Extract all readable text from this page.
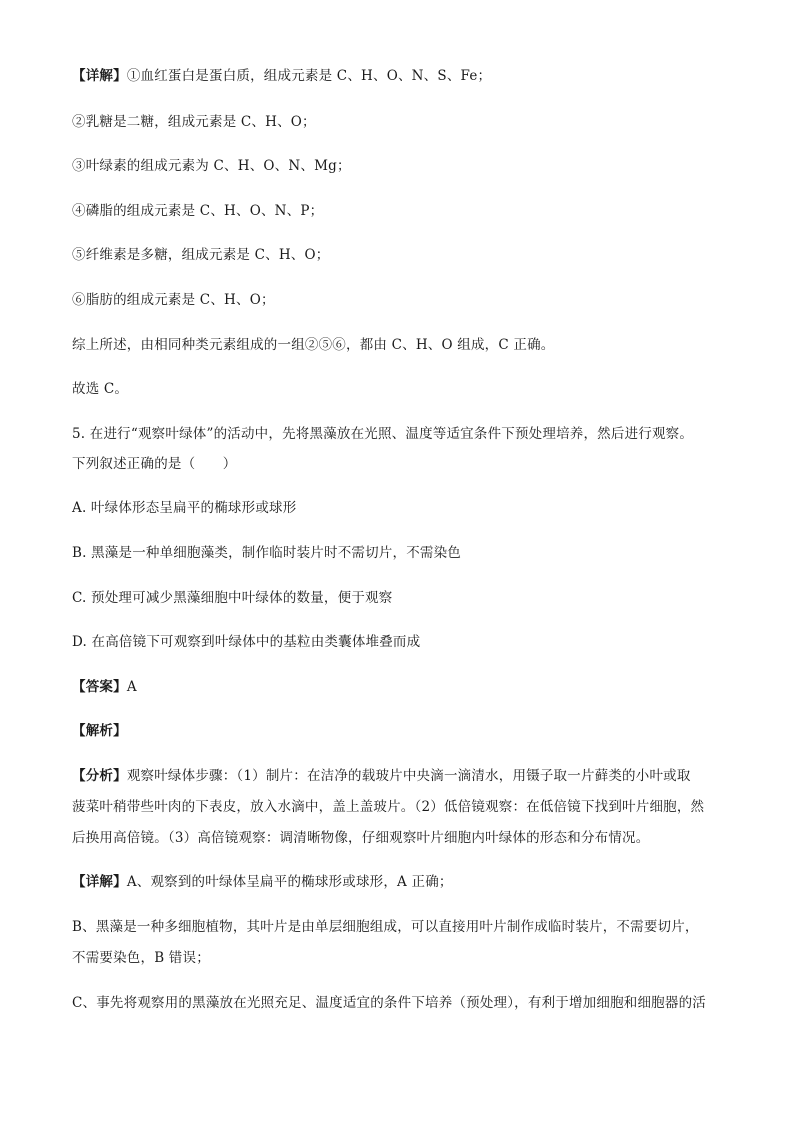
【详解】①血红蛋白是蛋白质，组成元素是 C、H、O、N、S、Fe；
②乳糖是二糖，组成元素是 C、H、O；
③叶绿素的组成元素为 C、H、O、N、Mg；
④磷脂的组成元素是 C、H、O、N、P；
⑤纤维素是多糖，组成元素是 C、H、O；
⑥脂肪的组成元素是 C、H、O；
综上所述，由相同种类元素组成的一组②⑤⑥，都由 C、H、O 组成，C 正确。
故选 C。
5. 在进行“观察叶绿体”的活动中，先将黑藻放在光照、温度等适宜条件下预处理培养，然后进行观察。
下列叙述正确的是（　　）
A. 叶绿体形态呈扁平的椭球形或球形
B. 黑藻是一种单细胞藻类，制作临时装片时不需切片，不需染色
C. 预处理可减少黑藻细胞中叶绿体的数量，便于观察
D. 在高倍镜下可观察到叶绿体中的基粒由类囊体堆叠而成
【答案】A
【解析】
【分析】观察叶绿体步骤：（1）制片：在洁净的载玻片中央滴一滴清水，用镊子取一片藓类的小叶或取
菠菜叶稍带些叶肉的下表皮，放入水滴中，盖上盖玻片。（2）低倍镜观察：在低倍镜下找到叶片细胞，然
后换用高倍镜。（3）高倍镜观察：调清晰物像，仔细观察叶片细胞内叶绿体的形态和分布情况。
【详解】A、观察到的叶绿体呈扁平的椭球形或球形，A 正确；
B、黑藻是一种多细胞植物，其叶片是由单层细胞组成，可以直接用叶片制作成临时装片，不需要切片，
不需要染色，B 错误；
C、事先将观察用的黑藻放在光照充足、温度适宜的条件下培养（预处理），有利于增加细胞和细胞器的活
